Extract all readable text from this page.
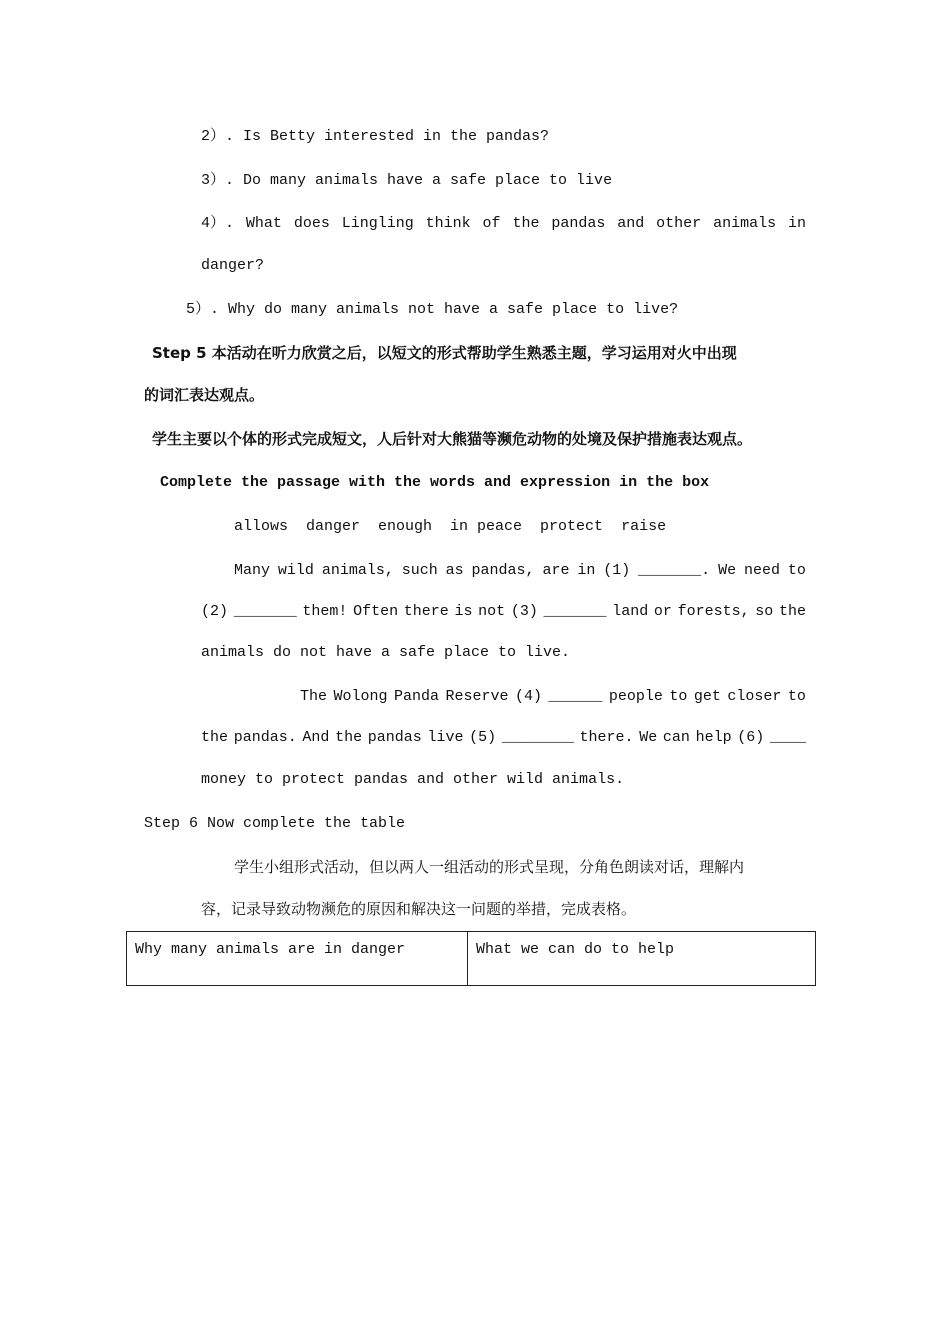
2）. Is Betty interested in the pandas?
3）. Do many animals have a safe place to live
4）. What does Lingling think of the pandas and other animals in
danger?
5）. Why do many animals not have a safe place to live?
Step 5 本活动在听力欣赏之后，以短文的形式帮助学生熟悉主题，学习运用对火中出现
的词汇表达观点。
学生主要以个体的形式完成短文，人后针对大熊猫等濒危动物的处境及保护措施表达观点。
Complete the passage with the words and expression in the box
allows  danger  enough  in peace  protect  raise
Many wild animals, such as pandas, are in (1) _______. We need to
(2) _______ them! Often there is not (3) _______ land or forests, so the
animals do not have a safe place to live.
The Wolong Panda Reserve (4) ______ people to get closer to
the pandas. And the pandas live (5) ________ there. We can help (6) ____
money to protect pandas and other wild animals.
Step 6 Now complete the table
学生小组形式活动，但以两人一组活动的形式呈现，分角色朗读对话，理解内
容，记录导致动物濒危的原因和解决这一问题的举措，完成表格。
Why many animals are in danger	What we can do to help
